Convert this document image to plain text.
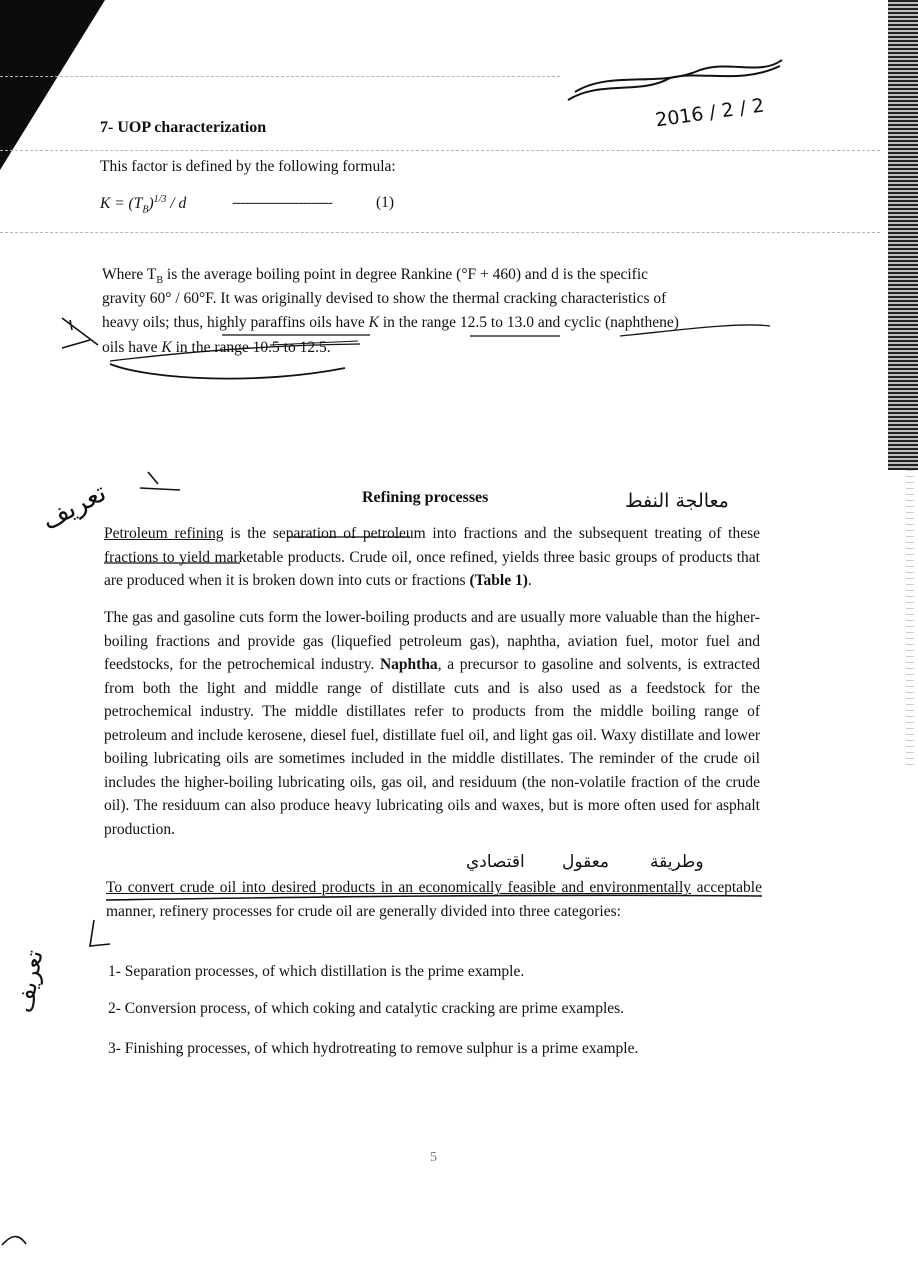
2016 / 2 / 2
7- UOP characterization
This factor is defined by the following formula:
$K = (T_B)^{1/3} / d$	------------------------	(1)
Where $T_B$ is the average boiling point in degree Rankine (°F + 460) and d is the specific
gravity 60° / 60°F. It was originally devised to show the thermal cracking characteristics of
heavy oils; thus, highly paraffins oils have K in the range 12.5 to 13.0 and cyclic (naphthene)
oils have K in the range 10.5 to 12.5.
Refining processes	معالجة النفط
Petroleum refining is the separation of petroleum into fractions and the subsequent treating of these fractions to yield marketable products. Crude oil, once refined, yields three basic groups of products that are produced when it is broken down into cuts or fractions (Table 1).
The gas and gasoline cuts form the lower-boiling products and are usually more valuable than the higher-boiling fractions and provide gas (liquefied petroleum gas), naphtha, aviation fuel, motor fuel and feedstocks, for the petrochemical industry. Naphtha, a precursor to gasoline and solvents, is extracted from both the light and middle range of distillate cuts and is also used as a feedstock for the petrochemical industry. The middle distillates refer to products from the middle boiling range of petroleum and include kerosene, diesel fuel, distillate fuel oil, and light gas oil. Waxy distillate and lower boiling lubricating oils are sometimes included in the middle distillates. The reminder of the crude oil includes the higher-boiling lubricating oils, gas oil, and residuum (the non-volatile fraction of the crude oil). The residuum can also produce heavy lubricating oils and waxes, but is more often used for asphalt production.
اقتصادي معقول وطريقة
To convert crude oil into desired products in an economically feasible and environmentally acceptable manner, refinery processes for crude oil are generally divided into three categories:
1- Separation processes, of which distillation is the prime example.
2- Conversion process, of which coking and catalytic cracking are prime examples.
3- Finishing processes, of which hydrotreating to remove sulphur is a prime example.
تعريف
تعريف
5
